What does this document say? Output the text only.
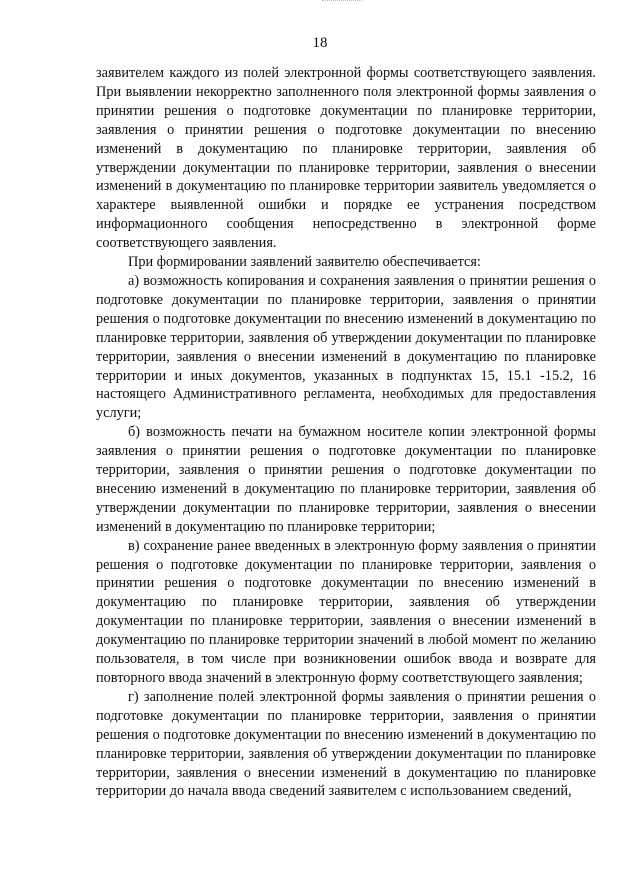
18

заявителем каждого из полей электронной формы соответствующего заявления. При выявлении некорректно заполненного поля электронной формы заявления о принятии решения о подготовке документации по планировке территории, заявления о принятии решения о подготовке документации по внесению изменений в документацию по планировке территории, заявления об утверждении документации по планировке территории, заявления о внесении изменений в документацию по планировке территории заявитель уведомляется о характере выявленной ошибки и порядке ее устранения посредством информационного сообщения непосредственно в электронной форме соответствующего заявления.

При формировании заявлений заявителю обеспечивается:

а) возможность копирования и сохранения заявления о принятии решения о подготовке документации по планировке территории, заявления о принятии решения о подготовке документации по внесению изменений в документацию по планировке территории, заявления об утверждении документации по планировке территории, заявления о внесении изменений в документацию по планировке территории и иных документов, указанных в подпунктах 15, 15.1 -15.2, 16 настоящего Административного регламента, необходимых для предоставления услуги;

б) возможность печати на бумажном носителе копии электронной формы заявления о принятии решения о подготовке документации по планировке территории, заявления о принятии решения о подготовке документации по внесению изменений в документацию по планировке территории, заявления об утверждении документации по планировке территории, заявления о внесении изменений в документацию по планировке территории;

в) сохранение ранее введенных в электронную форму заявления о принятии решения о подготовке документации по планировке территории, заявления о принятии решения о подготовке документации по внесению изменений в документацию по планировке территории, заявления об утверждении документации по планировке территории, заявления о внесении изменений в документацию по планировке территории значений в любой момент по желанию пользователя, в том числе при возникновении ошибок ввода и возврате для повторного ввода значений в электронную форму соответствующего заявления;

г) заполнение полей электронной формы заявления о принятии решения о подготовке документации по планировке территории, заявления о принятии решения о подготовке документации по внесению изменений в документацию по планировке территории, заявления об утверждении документации по планировке территории, заявления о внесении изменений в документацию по планировке территории до начала ввода сведений заявителем с использованием сведений,
